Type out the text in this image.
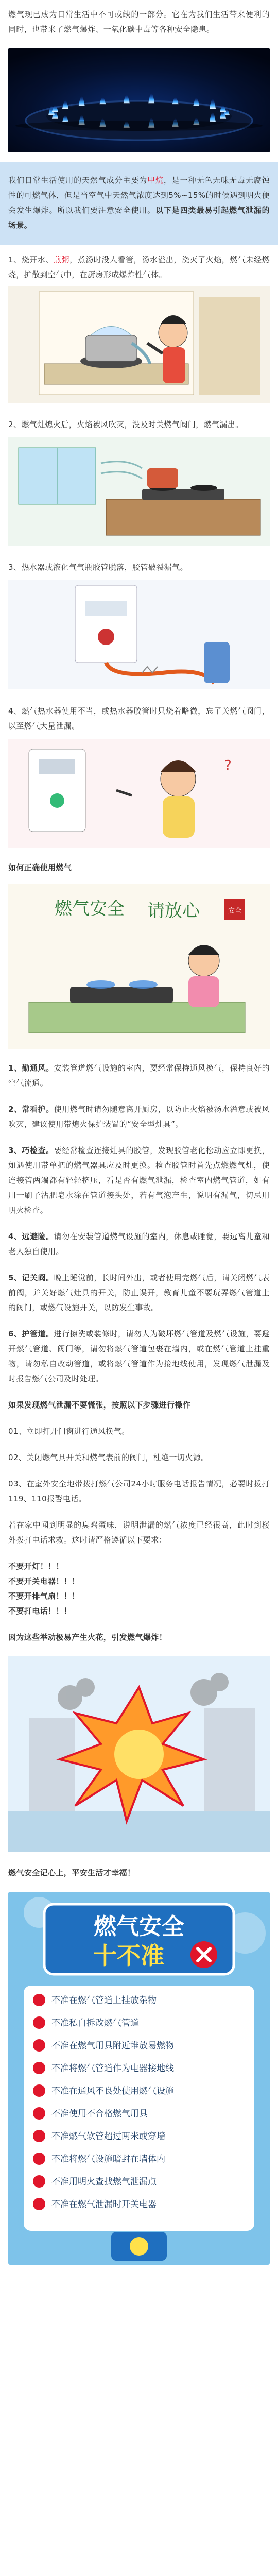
燃气现已成为日常生活中不可或缺的一部分。它在为我们生活带来便利的同时，也带来了燃气爆炸、一氧化碳中毒等各种安全隐患。

我们日常生活使用的天然气成分主要为甲烷，是一种无色无味无毒无腐蚀性的可燃气体，但是当空气中天然气浓度达到5%~15%的时候遇到明火便会发生爆炸。所以我们要注意安全使用。以下是四类最易引起燃气泄漏的场景。

1、烧开水、煎粥，煮汤时没人看管，汤水溢出，浇灭了火焰，燃气未经燃烧，扩散到空气中，在厨房形成爆炸性气体。

2、燃气灶熄火后，火焰被风吹灭，没及时关燃气阀门，燃气漏出。

3、热水器或液化气气瓶胶管脱落，胶管破裂漏气。

4、燃气热水器使用不当，或热水器胶管时只烧着略微，忘了关燃气阀门，以至燃气大量泄漏。

?

如何正确使用燃气

燃气安全 请放心	安全

1、勤通风。安装管道燃气设施的室内，要经常保持通风换气，保持良好的空气流通。

2、常看护。使用燃气时请勿随意离开厨房，以防止火焰被汤水溢意或被风吹灭，建议使用带熄火保护装置的“安全型灶具”。

3、巧检查。要经常检查连接灶具的胶管，发现胶管老化松动应立即更换，如遇使用带单把的燃气器具应及时更换。检查胶管时首先点燃燃气灶，使连接管两端都有轻轻挤压，看是否有燃气泄漏，检查室内燃气管道，如有用一刷子沾肥皂水涂在管道接头处，若有气泡产生，说明有漏气，切忌用明火检查。

4、远避险。请勿在安装管道燃气设施的室内，休息或睡觉，要远离儿童和老人独自使用。

5、记关阀。晚上睡觉前，长时间外出，或者使用完燃气后，请关闭燃气表前阀，并关好燃气灶具的开关，防止误开，教育儿童不要玩弄燃气管道上的阀门，或燃气设施开关，以防发生事故。

6、护管道。进行擦洗或装修时，请勿人为破坏燃气管道及燃气设施，要避开燃气管道、阀门等，请勿将燃气管道包裹在墙内，或在燃气管道上挂重物，请勿私自改动管道，或将燃气管道作为接地线使用，发现燃气泄漏及时报告燃气公司及时处理。

如果发现燃气泄漏不要慌张，按照以下步骤进行操作

01、立即打开门窗进行通风换气。

02、关闭燃气具开关和燃气表前的阀门，杜绝一切火源。

03、在室外安全地带拨打燃气公司24小时服务电话报告情况，必要时拨打119、110报警电话。

若在家中闻到明显的臭鸡蛋味，说明泄漏的燃气浓度已经很高，此时到楼外拨打电话求救。这时请严格遵循以下要求：

不要开灯！！！

不要开关电器！！！

不要开排气扇！！！

不要打电话！！！

因为这些举动极易产生火花，引发燃气爆炸！

燃气安全记心上，平安生活才幸福！

燃气安全
十不准
不准在燃气管道上挂放杂物
不准私自拆改燃气管道
不准在燃气用具附近堆放易燃物
不准将燃气管道作为电器接地线
不准在通风不良处使用燃气设施
不准使用不合格燃气用具
不准燃气软管超过两米或穿墙
不准将燃气设施暗封在墙体内
不准用明火查找燃气泄漏点
不准在燃气泄漏时开关电器
